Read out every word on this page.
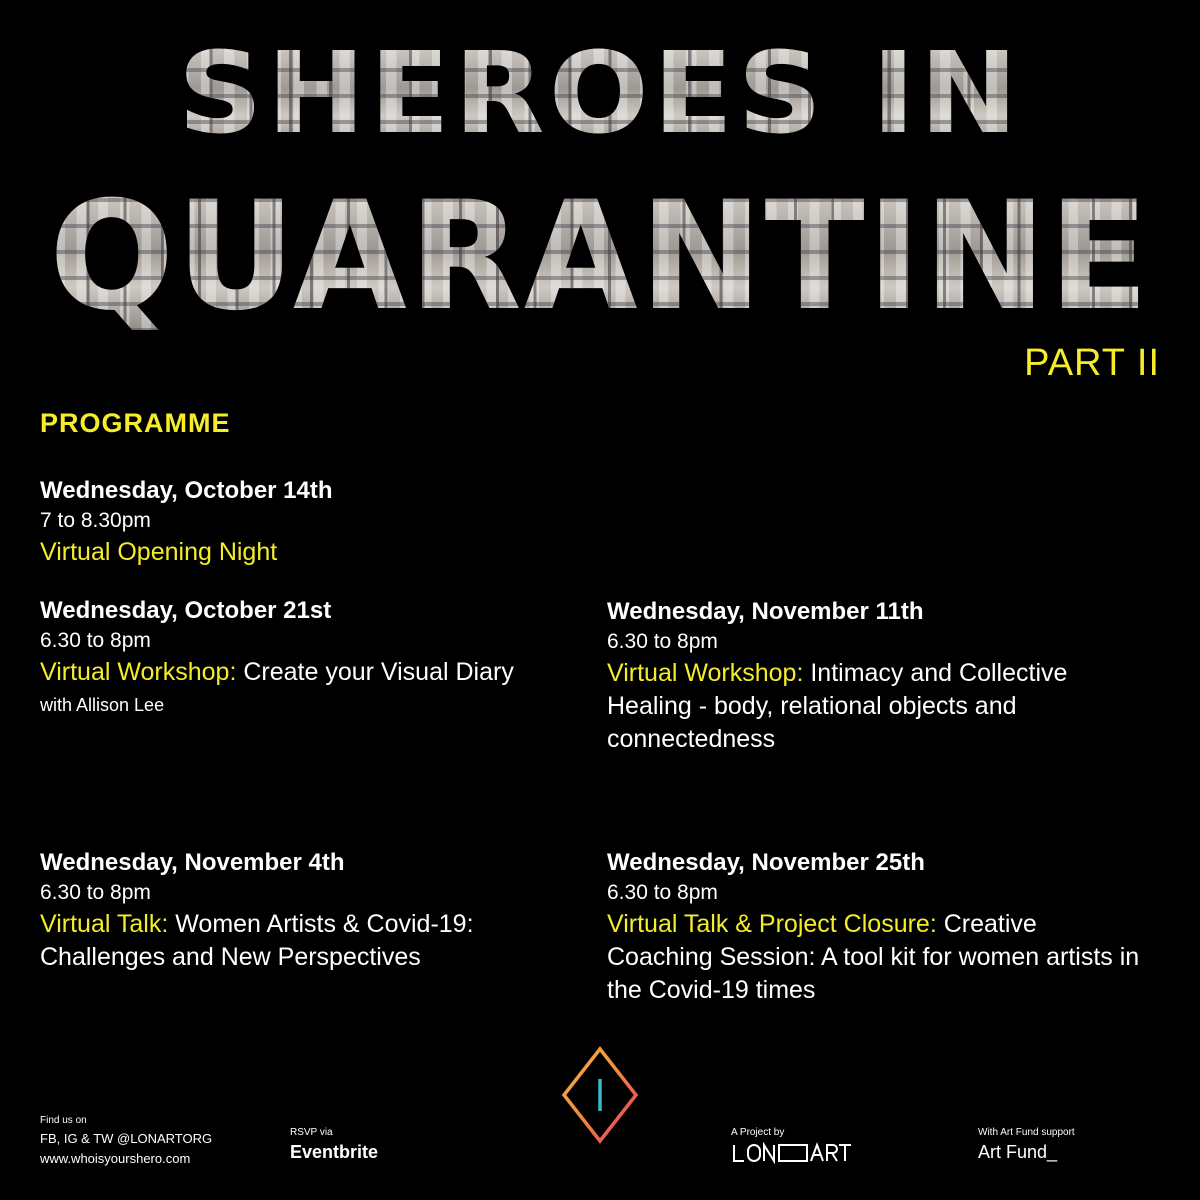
SHEROES IN
QUARANTINE
PART II
PROGRAMME
Wednesday, October 14th
7 to 8.30pm
Virtual Opening Night
Wednesday, October 21st
6.30 to 8pm
Virtual Workshop: Create your Visual Diary
with Allison Lee
Wednesday, November 11th
6.30 to 8pm
Virtual Workshop: Intimacy and Collective Healing - body, relational objects and connectedness
Wednesday, November 4th
6.30 to 8pm
Virtual Talk: Women Artists & Covid-19: Challenges and New Perspectives
Wednesday, November 25th
6.30 to 8pm
Virtual Talk & Project Closure: Creative Coaching Session: A tool kit for women artists in the Covid-19 times
Find us on
FB, IG & TW @LONARTORG
www.whoisyourshero.com
RSVP via
Eventbrite
A Project by	With Art Fund support
Art Fund_
